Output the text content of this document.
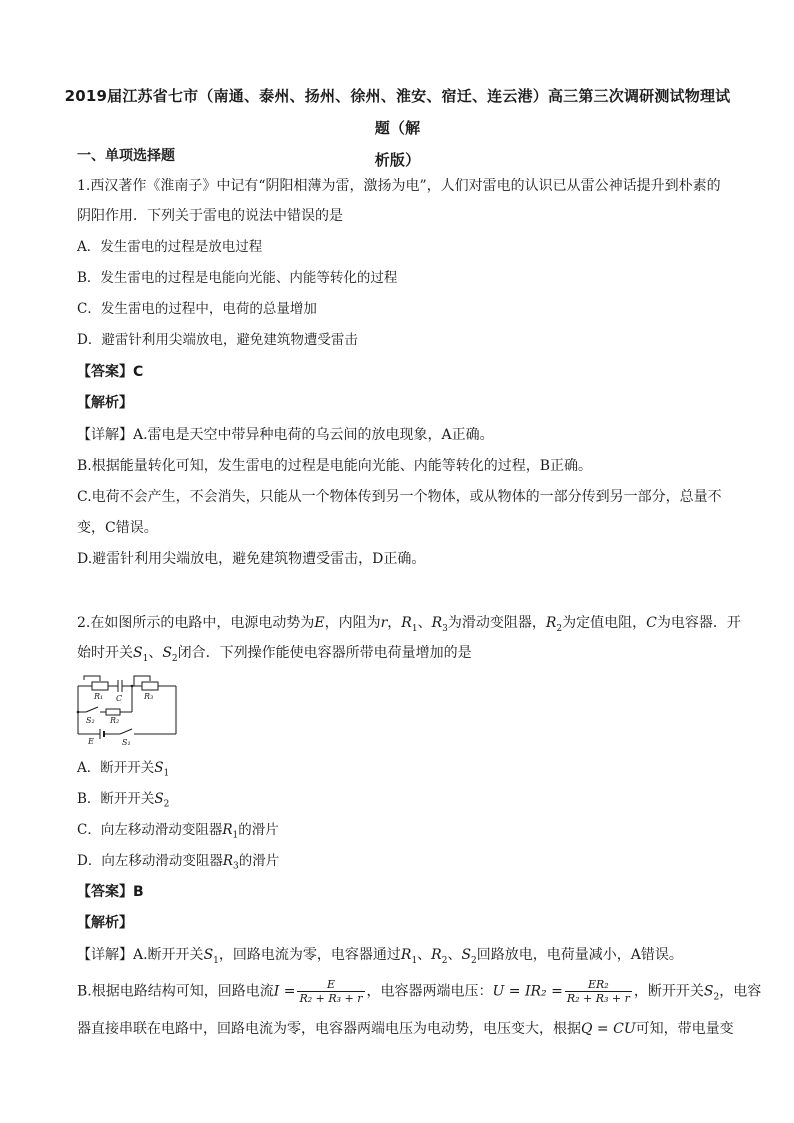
2019届江苏省七市（南通、泰州、扬州、徐州、淮安、宿迁、连云港）高三第三次调研测试物理试题（解
析版）
一、单项选择题
1.西汉著作《淮南子》中记有“阴阳相薄为雷，激扬为电”，人们对雷电的认识已从雷公神话提升到朴素的
阴阳作用．下列关于雷电的说法中错误的是
A．发生雷电的过程是放电过程
B．发生雷电的过程是电能向光能、内能等转化的过程
C．发生雷电的过程中，电荷的总量增加
D．避雷针利用尖端放电，避免建筑物遭受雷击
【答案】C
【解析】
【详解】A.雷电是天空中带异种电荷的乌云间的放电现象，A正确。
B.根据能量转化可知，发生雷电的过程是电能向光能、内能等转化的过程，B正确。
C.电荷不会产生，不会消失，只能从一个物体传到另一个物体，或从物体的一部分传到另一部分，总量不
变，C错误。
D.避雷针利用尖端放电，避免建筑物遭受雷击，D正确。
2.在如图所示的电路中，电源电动势为E，内阻为r，$R_1$、$R_3$为滑动变阻器，$R_2$为定值电阻，C为电容器．开
始时开关$S_1$、$S_2$闭合．下列操作能使电容器所带电荷量增加的是
R₁ C	R₃
S₂ R₂
E	S₁
A．断开开关$S_1$
B．断开开关$S_2$
C．向左移动滑动变阻器$R_1$的滑片
D．向左移动滑动变阻器$R_3$的滑片
【答案】B
【解析】
【详解】A.断开开关$S_1$，回路电流为零，电容器通过$R_1$、$R_2$、$S_2$回路放电，电荷量减小，A错误。
B.根据电路结构可知，回路电流$I = \frac{E}{\text{R₂ + R₃ + r}}$ ，电容器两端电压：$U = IR_2 = \frac{\text{ER₂}}{\text{R₂ + R₃ + r}}$ ，断开开关$S_2$，电容
器直接串联在电路中，回路电流为零，电容器两端电压为电动势，电压变大，根据Q = CU可知，带电量变
